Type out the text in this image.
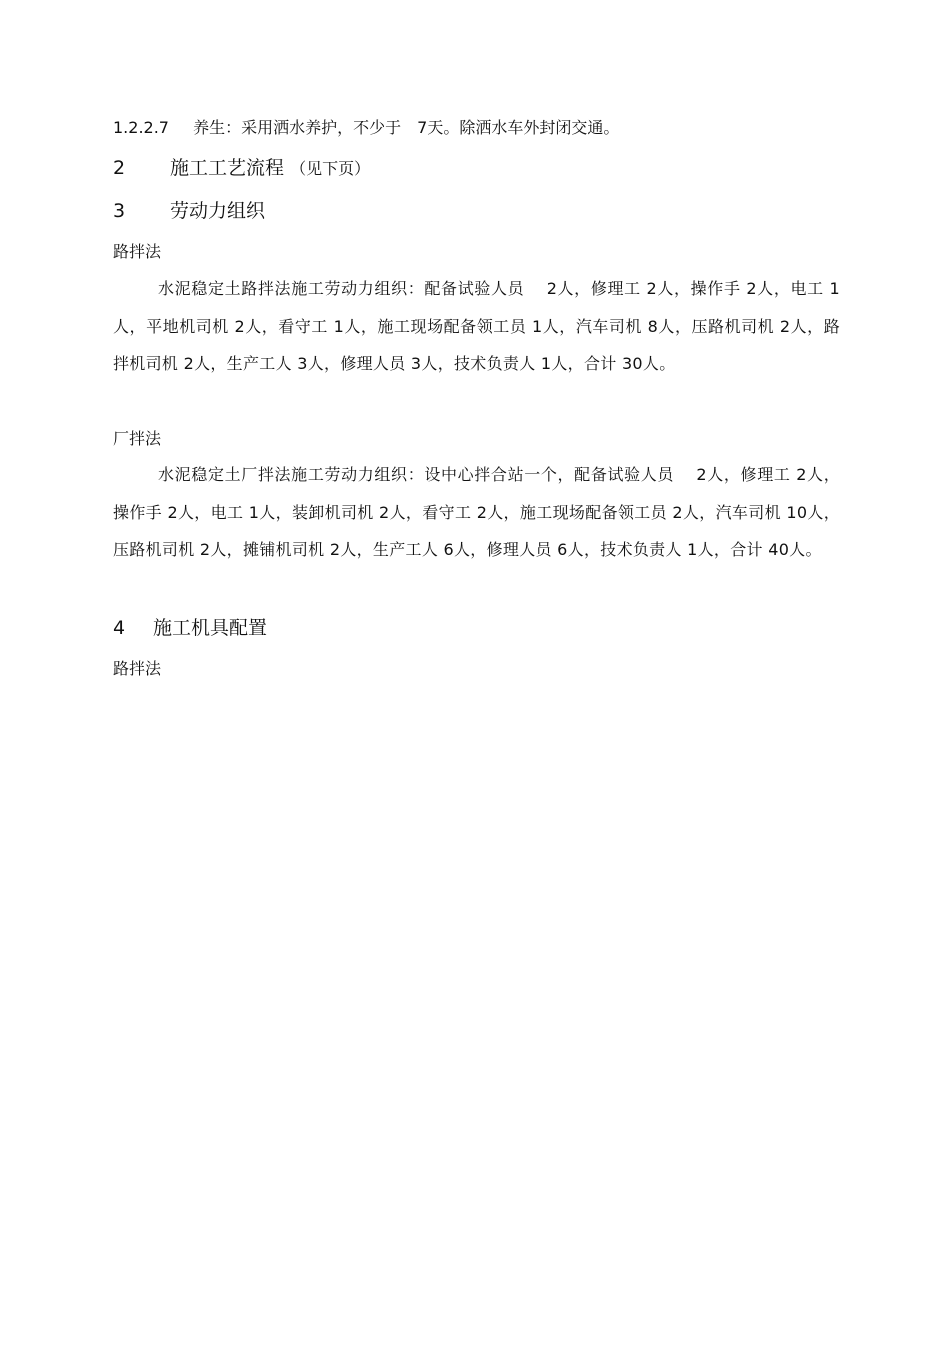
1.2.2.7 养生：采用洒水养护，不少于　7天。除洒水车外封闭交通。
2 施工工艺流程 （见下页）
3 劳动力组织
路拌法
水泥稳定土路拌法施工劳动力组织：配备试验人员　 2人，修理工 2人，操作手 2人，电工 1人，平地机司机 2人，看守工 1人，施工现场配备领工员 1人，汽车司机 8人，压路机司机 2人，路拌机司机 2人，生产工人 3人，修理人员 3人，技术负责人 1人，合计 30人。
厂拌法
水泥稳定土厂拌法施工劳动力组织：设中心拌合站一个，配备试验人员　 2人，修理工 2人，操作手 2人，电工 1人，装卸机司机 2人，看守工 2人，施工现场配备领工员 2人，汽车司机 10人，压路机司机 2人，摊铺机司机 2人，生产工人 6人，修理人员 6人，技术负责人 1人，合计 40人。
4 施工机具配置
路拌法
